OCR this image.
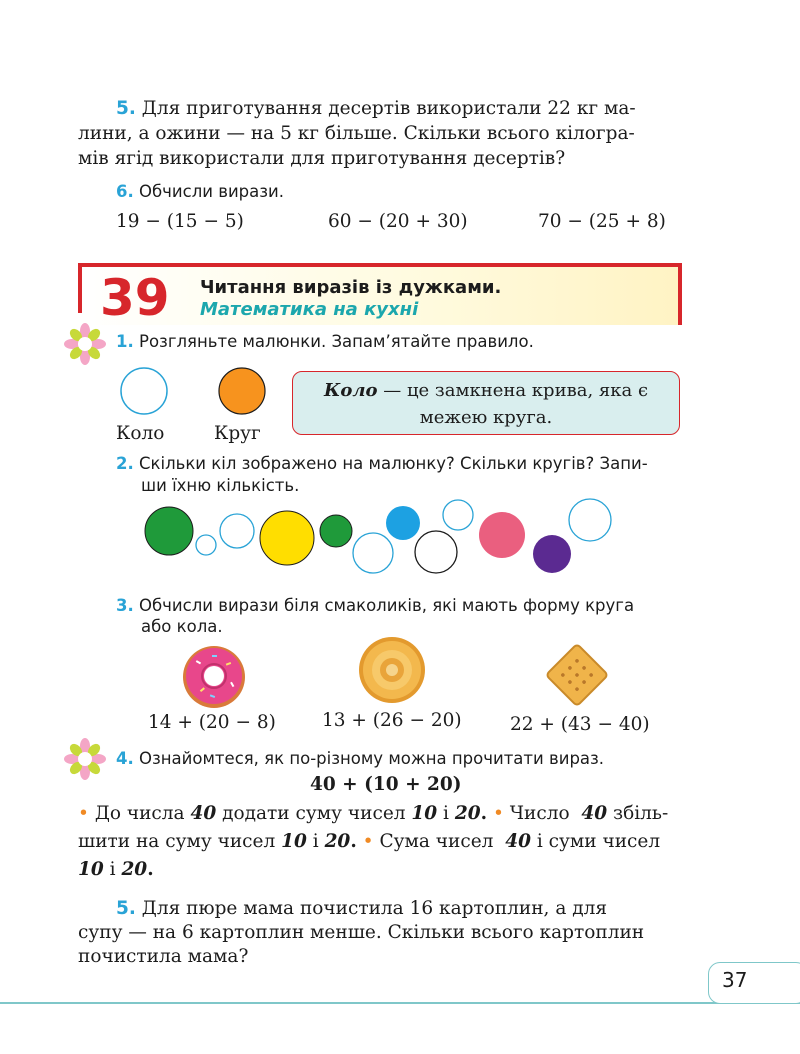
5. Для приготування десертів використали 22 кг ма-
лини, а ожини — на 5 кг більше. Скільки всього кілогра-
мів ягід використали для приготування десертів?
6. Обчисли вирази.
19 − (15 − 5)	60 − (20 + 30)	70 − (25 + 8)
39 Читання виразів із дужками.
Математика на кухні
1. Розгляньте малюнки. Запам’ятайте правило.
Коло	Круг
Коло — це замкнена крива, яка є
межею круга.
2. Скільки кіл зображено на малюнку? Скільки кругів? Запи-
ши їхню кількість.
3. Обчисли вирази біля смаколиків, які мають форму круга
або кола.
14 + (20 − 8) 13 + (26 − 20)	22 + (43 − 40)
4. Ознайомтеся, як по-різному можна прочитати вираз.
40 + (10 + 20)
• До числа 40 додати суму чисел 10 і 20. • Число  40 збіль-
шити на суму чисел 10 і 20. • Сума чисел  40 і суми чисел
10 і 20.
5. Для пюре мама почистила 16 картоплин, а для
супу — на 6 картоплин менше. Скільки всього картоплин
почистила мама?
37
